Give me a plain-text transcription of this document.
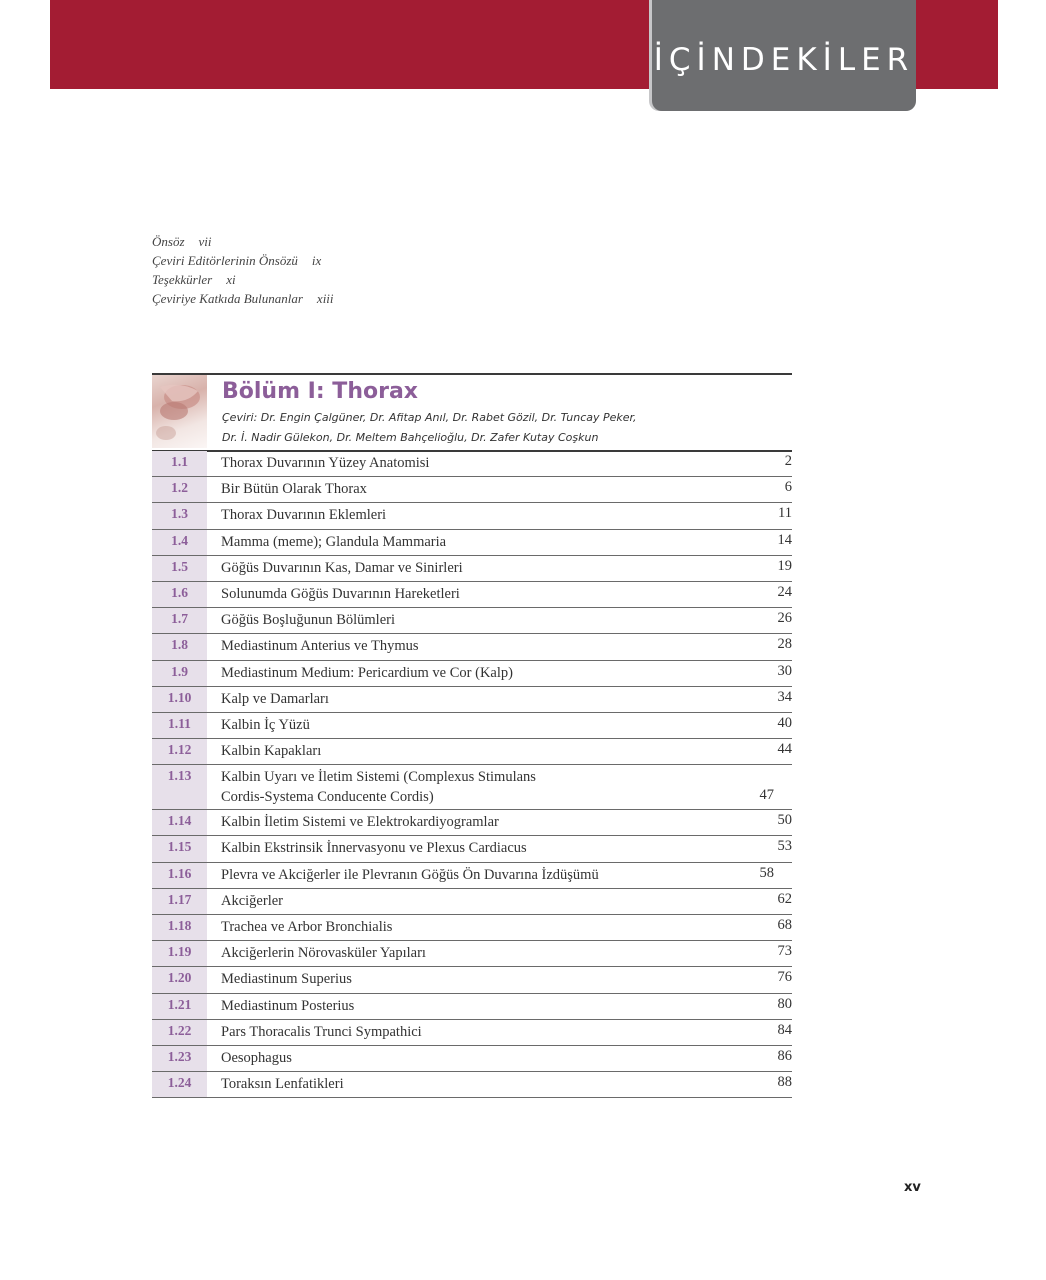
İÇİNDEKİLER
Önsöz vii
Çeviri Editörlerinin Önsözü ix
Teşekkürler xi
Çeviriye Katkıda Bulunanlar xiii
Bölüm I: Thorax
Çeviri: Dr. Engin Çalgüner, Dr. Afitap Anıl, Dr. Rabet Gözil, Dr. Tuncay Peker,
Dr. İ. Nadir Gülekon, Dr. Meltem Bahçelioğlu, Dr. Zafer Kutay Coşkun
1.1	Thorax Duvarının Yüzey Anatomisi	2
1.2	Bir Bütün Olarak Thorax	6
1.3	Thorax Duvarının Eklemleri	11
1.4	Mamma (meme); Glandula Mammaria	14
1.5	Göğüs Duvarının Kas, Damar ve Sinirleri	19
1.6	Solunumda Göğüs Duvarının Hareketleri	24
1.7	Göğüs Boşluğunun Bölümleri	26
1.8	Mediastinum Anterius ve Thymus	28
1.9	Mediastinum Medium: Pericardium ve Cor (Kalp)	30
1.10	Kalp ve Damarları	34
1.11	Kalbin İç Yüzü	40
1.12	Kalbin Kapakları	44
1.13	Kalbin Uyarı ve İletim Sistemi (Complexus Stimulans
Cordis-Systema Conducente Cordis)	47
1.14	Kalbin İletim Sistemi ve Elektrokardiyogramlar	50
1.15	Kalbin Ekstrinsik İnnervasyonu ve Plexus Cardiacus	53
1.16	Plevra ve Akciğerler ile Plevranın Göğüs Ön Duvarına İzdüşümü	58
1.17	Akciğerler	62
1.18	Trachea ve Arbor Bronchialis	68
1.19	Akciğerlerin Nörovasküler Yapıları	73
1.20	Mediastinum Superius	76
1.21	Mediastinum Posterius	80
1.22	Pars Thoracalis Trunci Sympathici	84
1.23	Oesophagus	86
1.24	Toraksın Lenfatikleri	88
xv
